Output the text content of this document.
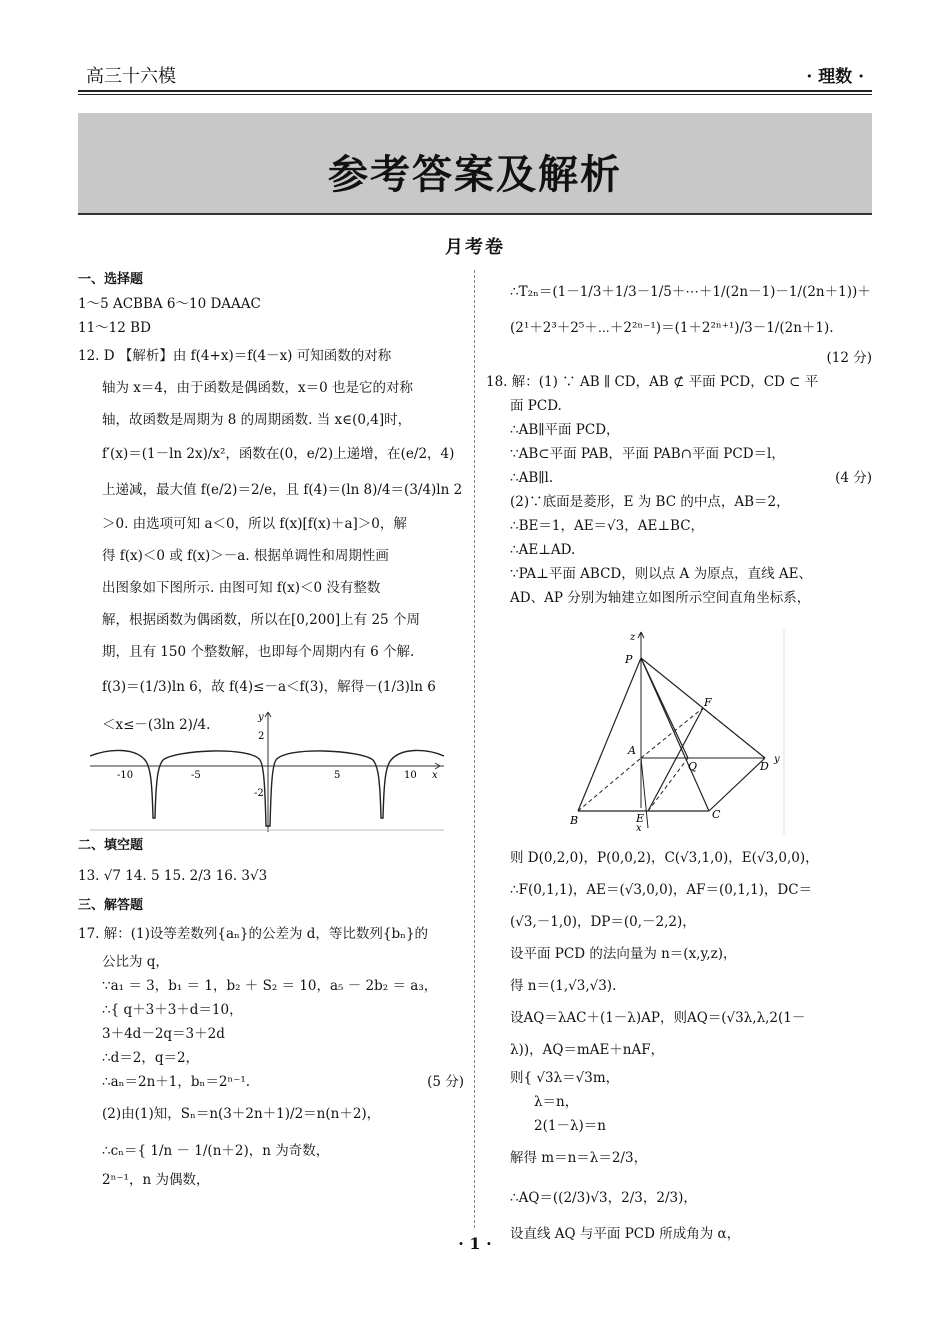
高三十六模	· 理数 ·
参考答案及解析
月考卷
一、选择题
1～5 ACBBA 6～10 DAAAC
11～12 BD
12. D 【解析】由 f(4+x)＝f(4－x) 可知函数的对称
轴为 x＝4，由于函数是偶函数，x＝0 也是它的对称
轴，故函数是周期为 8 的周期函数. 当 x∈(0,4]时，
f′(x)＝(1－ln 2x)/x²，函数在(0，e/2)上递增，在(e/2，4)
上递减，最大值 f(e/2)＝2/e，且 f(4)＝(ln 8)/4＝(3/4)ln 2
＞0. 由选项可知 a＜0，所以 f(x)[f(x)＋a]＞0，解
得 f(x)＜0 或 f(x)＞－a. 根据单调性和周期性画
出图象如下图所示. 由图可知 f(x)＜0 没有整数
解，根据函数为偶函数，所以在[0,200]上有 25 个周
期，且有 150 个整数解，也即每个周期内有 6 个解.
f(3)＝(1/3)ln 6，故 f(4)≤－a＜f(3)，解得－(1/3)ln 6
＜x≤－(3ln 2)/4.	y
x
-10	-5	5	10
2
-2
二、填空题
13. √7 14. 5 15. 2/3 16. 3√3
三、解答题
17. 解：(1)设等差数列{aₙ}的公差为 d，等比数列{bₙ}的
公比为 q，
∵a₁ ＝ 3，b₁ ＝ 1，b₂ ＋ S₂ ＝ 10，a₅ － 2b₂ ＝ a₃，
∴{ q＋3＋3＋d＝10，
3＋4d－2q＝3＋2d
∴d＝2，q＝2，
∴aₙ＝2n＋1，bₙ＝2ⁿ⁻¹.	(5 分)
(2)由(1)知，Sₙ＝n(3＋2n＋1)/2＝n(n＋2)，
∴cₙ＝{ 1/n － 1/(n＋2)，n 为奇数，
2ⁿ⁻¹，n 为偶数，
∴T₂ₙ＝(1－1/3＋1/3－1/5＋⋯＋1/(2n－1)－1/(2n＋1))＋
(2¹＋2³＋2⁵＋⋯＋2²ⁿ⁻¹)＝(1＋2²ⁿ⁺¹)/3－1/(2n＋1).
(12 分)
18. 解：(1) ∵ AB ∥ CD，AB ⊄ 平面 PCD，CD ⊂ 平
面 PCD.
∴AB∥平面 PCD，
∵AB⊂平面 PAB，平面 PAB∩平面 PCD＝l，
∴AB∥l.	(4 分)
(2)∵底面是菱形，E 为 BC 的中点，AB＝2，
∴BE＝1，AE＝√3，AE⊥BC，
∴AE⊥AD.
∵PA⊥平面 ABCD，则以点 A 为原点，直线 AE、
AD、AP 分别为轴建立如图所示空间直角坐标系，
z
P
F
A
Q	D
y
B	E	C
x
则 D(0,2,0)，P(0,0,2)，C(√3,1,0)，E(√3,0,0)，
∴F(0,1,1)，AE＝(√3,0,0)，AF＝(0,1,1)，DC＝
(√3,－1,0)，DP＝(0,－2,2)，
设平面 PCD 的法向量为 n＝(x,y,z)，
得 n＝(1,√3,√3).
设AQ＝λAC＋(1－λ)AP，则AQ＝(√3λ,λ,2(1－
λ))，AQ＝mAE＋nAF，
则{ √3λ＝√3m，
λ＝n，
2(1－λ)＝n
解得 m＝n＝λ＝2/3，
∴AQ＝((2/3)√3，2/3，2/3)，
设直线 AQ 与平面 PCD 所成角为 α，
· 1 ·
